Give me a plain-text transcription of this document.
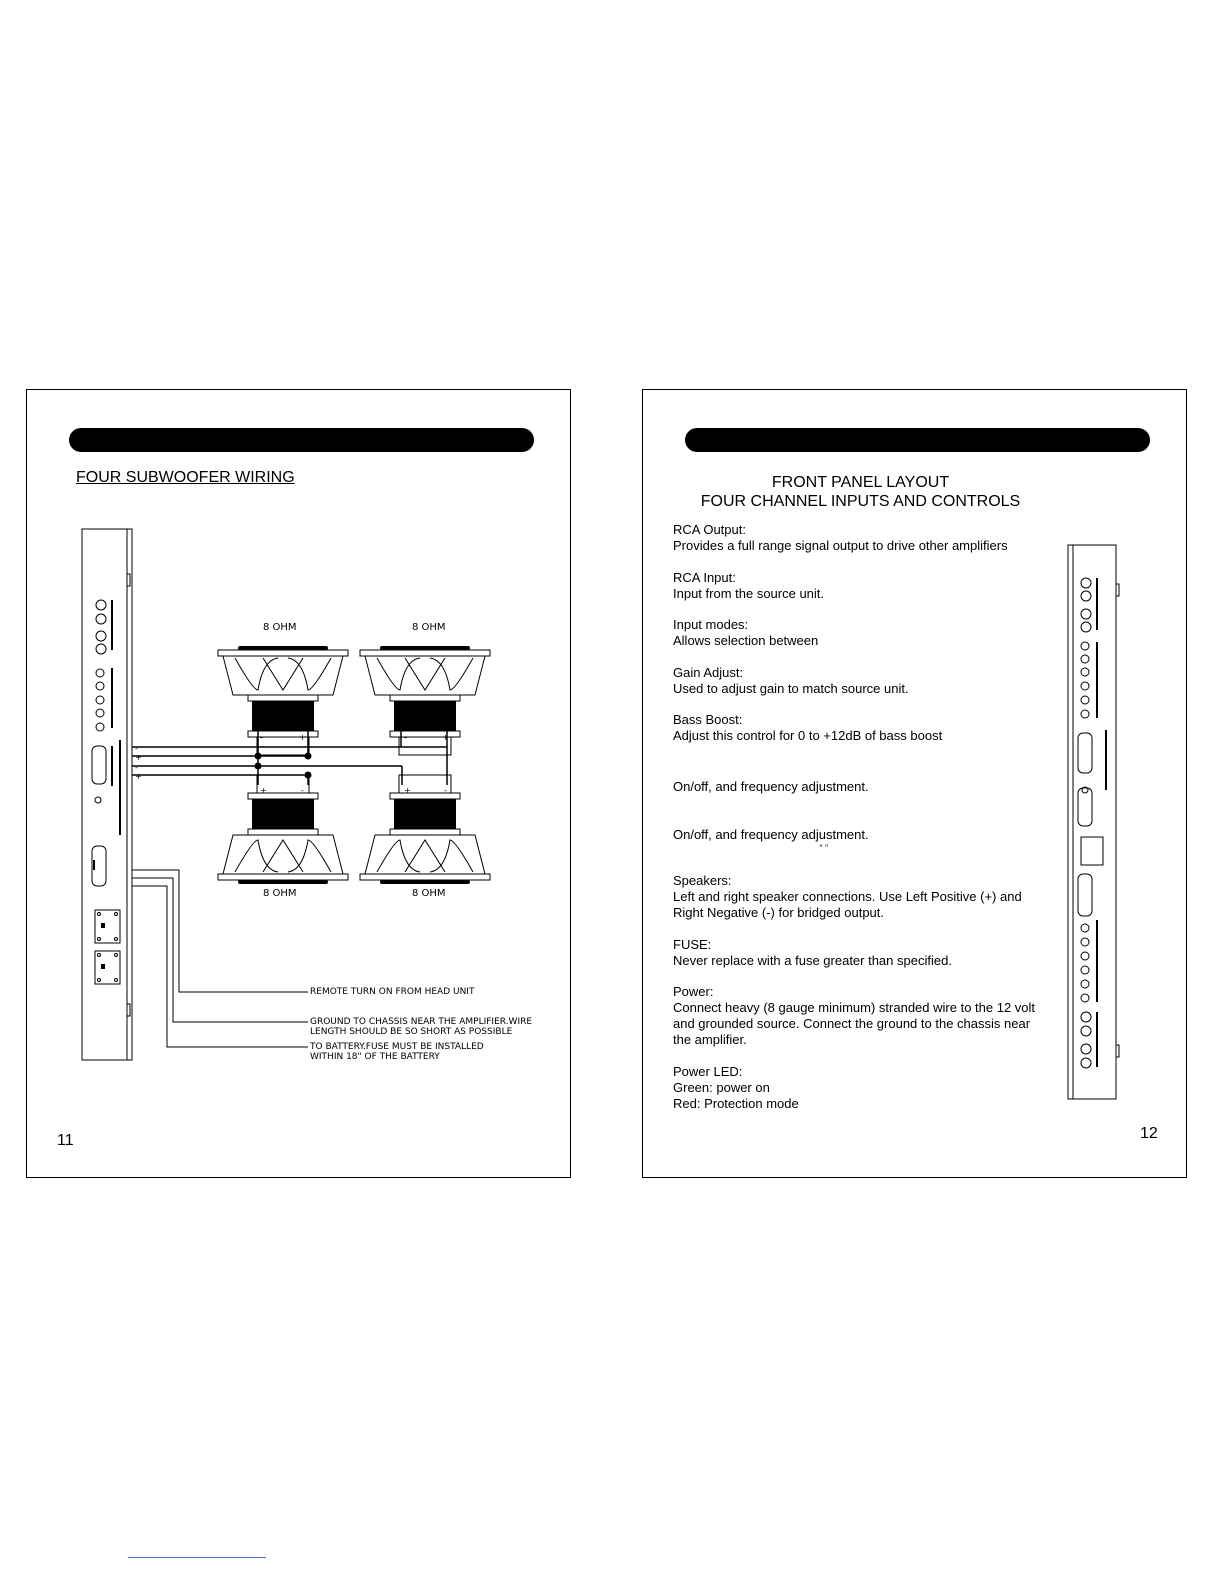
FOUR SUBWOOFER WIRING
-
+
-
+
8 OHM	8 OHM
8 OHM	8 OHM
-	+	-	+
+	-	+	-
REMOTE TURN ON FROM HEAD UNIT
GROUND TO CHASSIS NEAR THE AMPLIFIER.WIRE
LENGTH SHOULD BE SO SHORT AS POSSIBLE
TO BATTERY.FUSE MUST BE INSTALLED
WITHIN 18" OF THE BATTERY
11
FRONT PANEL LAYOUT
FOUR CHANNEL INPUTS AND CONTROLS
RCA Output:
Provides a full range signal output to drive other amplifiers
RCA Input:
Input from the source unit.
Input modes:
Allows selection between
Gain Adjust:
Used to adjust gain to match source unit.
Bass Boost:
Adjust this control for 0 to +12dB of bass boost
On/off, and frequency adjustment.
On/off, and frequency adjustment.
“ ”
Speakers:
Left and right speaker connections. Use Left Positive (+) and
Right Negative (-) for bridged output.
FUSE:
Never replace with a fuse greater than specified.
Power:
Connect heavy (8 gauge minimum) stranded wire to the 12 volt
and grounded source. Connect the ground to the chassis near
the amplifier.
Power LED:
Green: power on
Red: Protection mode
12
